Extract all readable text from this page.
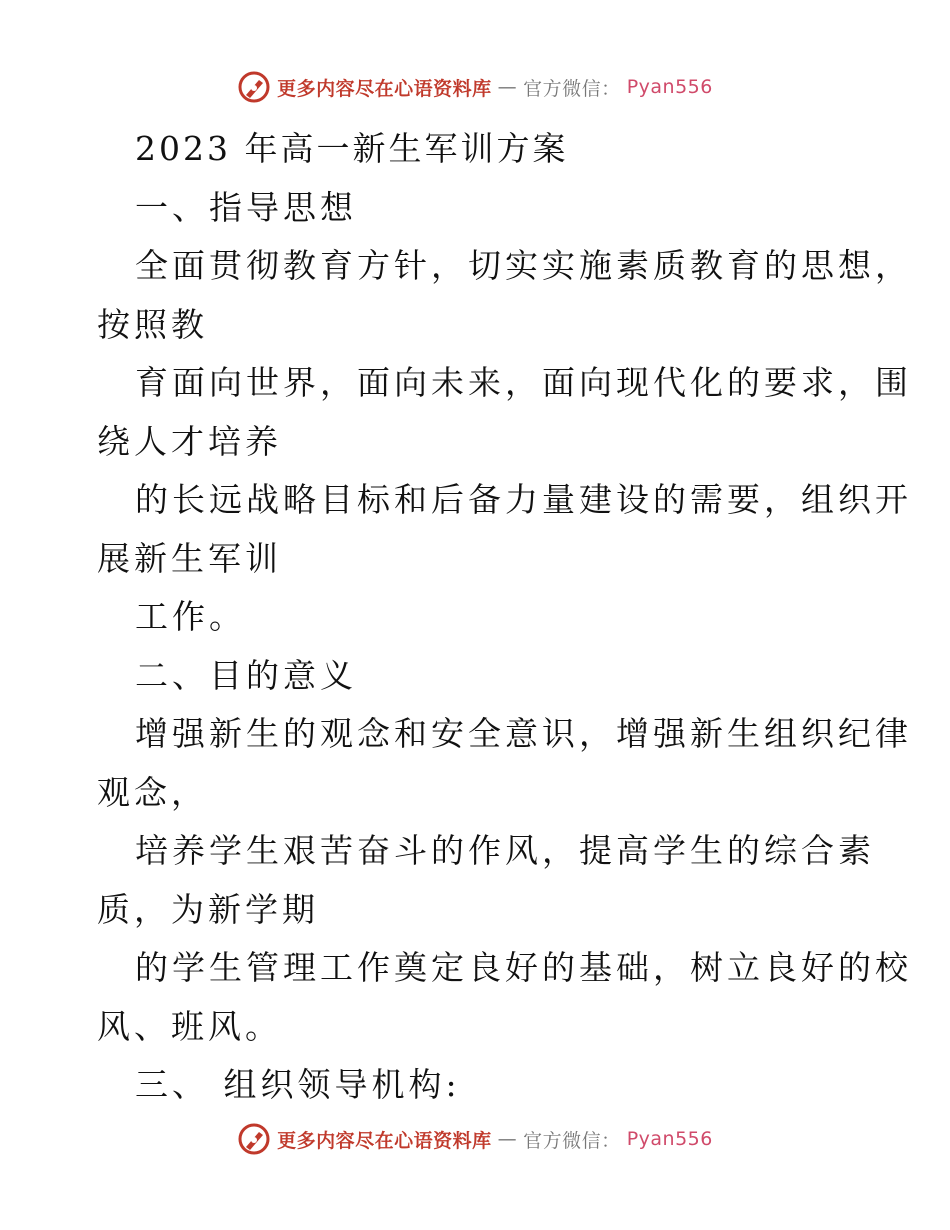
更多内容尽在心语资料库 — 官方微信： Pyan556
2023 年高一新生军训方案
一、指导思想
全面贯彻教育方针，切实实施素质教育的思想，
按照教
育面向世界，面向未来，面向现代化的要求，围
绕人才培养
的长远战略目标和后备力量建设的需要，组织开
展新生军训
工作。
二、目的意义
增强新生的观念和安全意识，增强新生组织纪律
观念，
培养学生艰苦奋斗的作风，提高学生的综合素
质，为新学期
的学生管理工作奠定良好的基础，树立良好的校
风、班风。
三、 组织领导机构:
更多内容尽在心语资料库 — 官方微信： Pyan556
